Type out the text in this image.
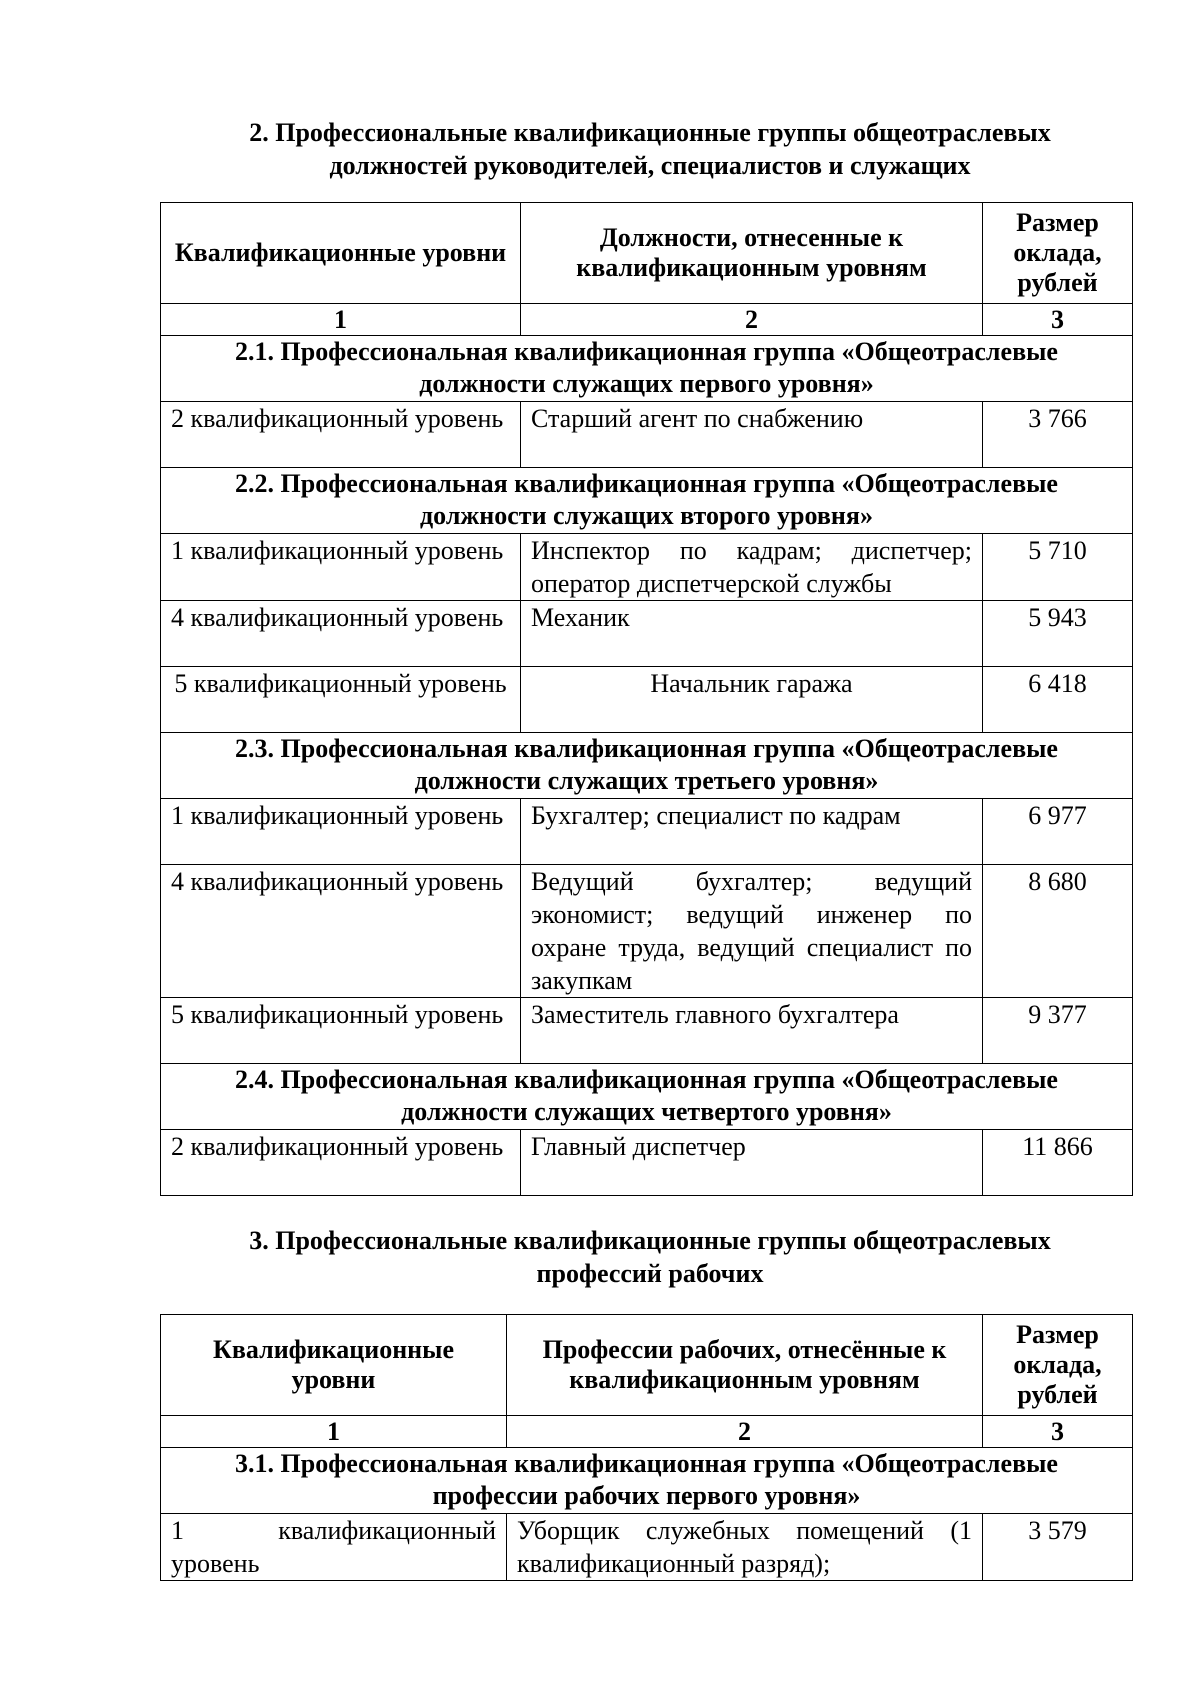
2. Профессиональные квалификационные группы общеотраслевых
должностей руководителей, специалистов и служащих
Квалификационные уровни	Должности, отнесенные к квалификационным уровням	Размер оклада, рублей
1	2	3
2.1. Профессиональная квалификационная группа «Общеотраслевые должности служащих первого уровня»		
2 квалификационный уровень	Старший агент по снабжению	3 766
2.2. Профессиональная квалификационная группа «Общеотраслевые должности служащих второго уровня»		
1 квалификационный уровень	Инспектор по кадрам; диспетчер; оператор диспетчерской службы	5 710
4 квалификационный уровень	Механик	5 943
5 квалификационный уровень	Начальник гаража	6 418
2.3. Профессиональная квалификационная группа «Общеотраслевые должности служащих третьего уровня»		
1 квалификационный уровень	Бухгалтер; специалист по кадрам	6 977
4 квалификационный уровень	Ведущий бухгалтер; ведущий экономист; ведущий инженер по охране труда, ведущий специалист по закупкам	8 680
5 квалификационный уровень	Заместитель главного бухгалтера	9 377
2.4. Профессиональная квалификационная группа «Общеотраслевые должности служащих четвертого уровня»		
2 квалификационный уровень	Главный диспетчер	11 866
3. Профессиональные квалификационные группы общеотраслевых
профессий рабочих
Квалификационные уровни	Профессии рабочих, отнесённые к квалификационным уровням	Размер оклада, рублей
1	2	3
3.1. Профессиональная квалификационная группа «Общеотраслевые профессии рабочих первого уровня»		
1 квалификационный уровень	Уборщик служебных помещений (1 квалификационный разряд);	3 579
